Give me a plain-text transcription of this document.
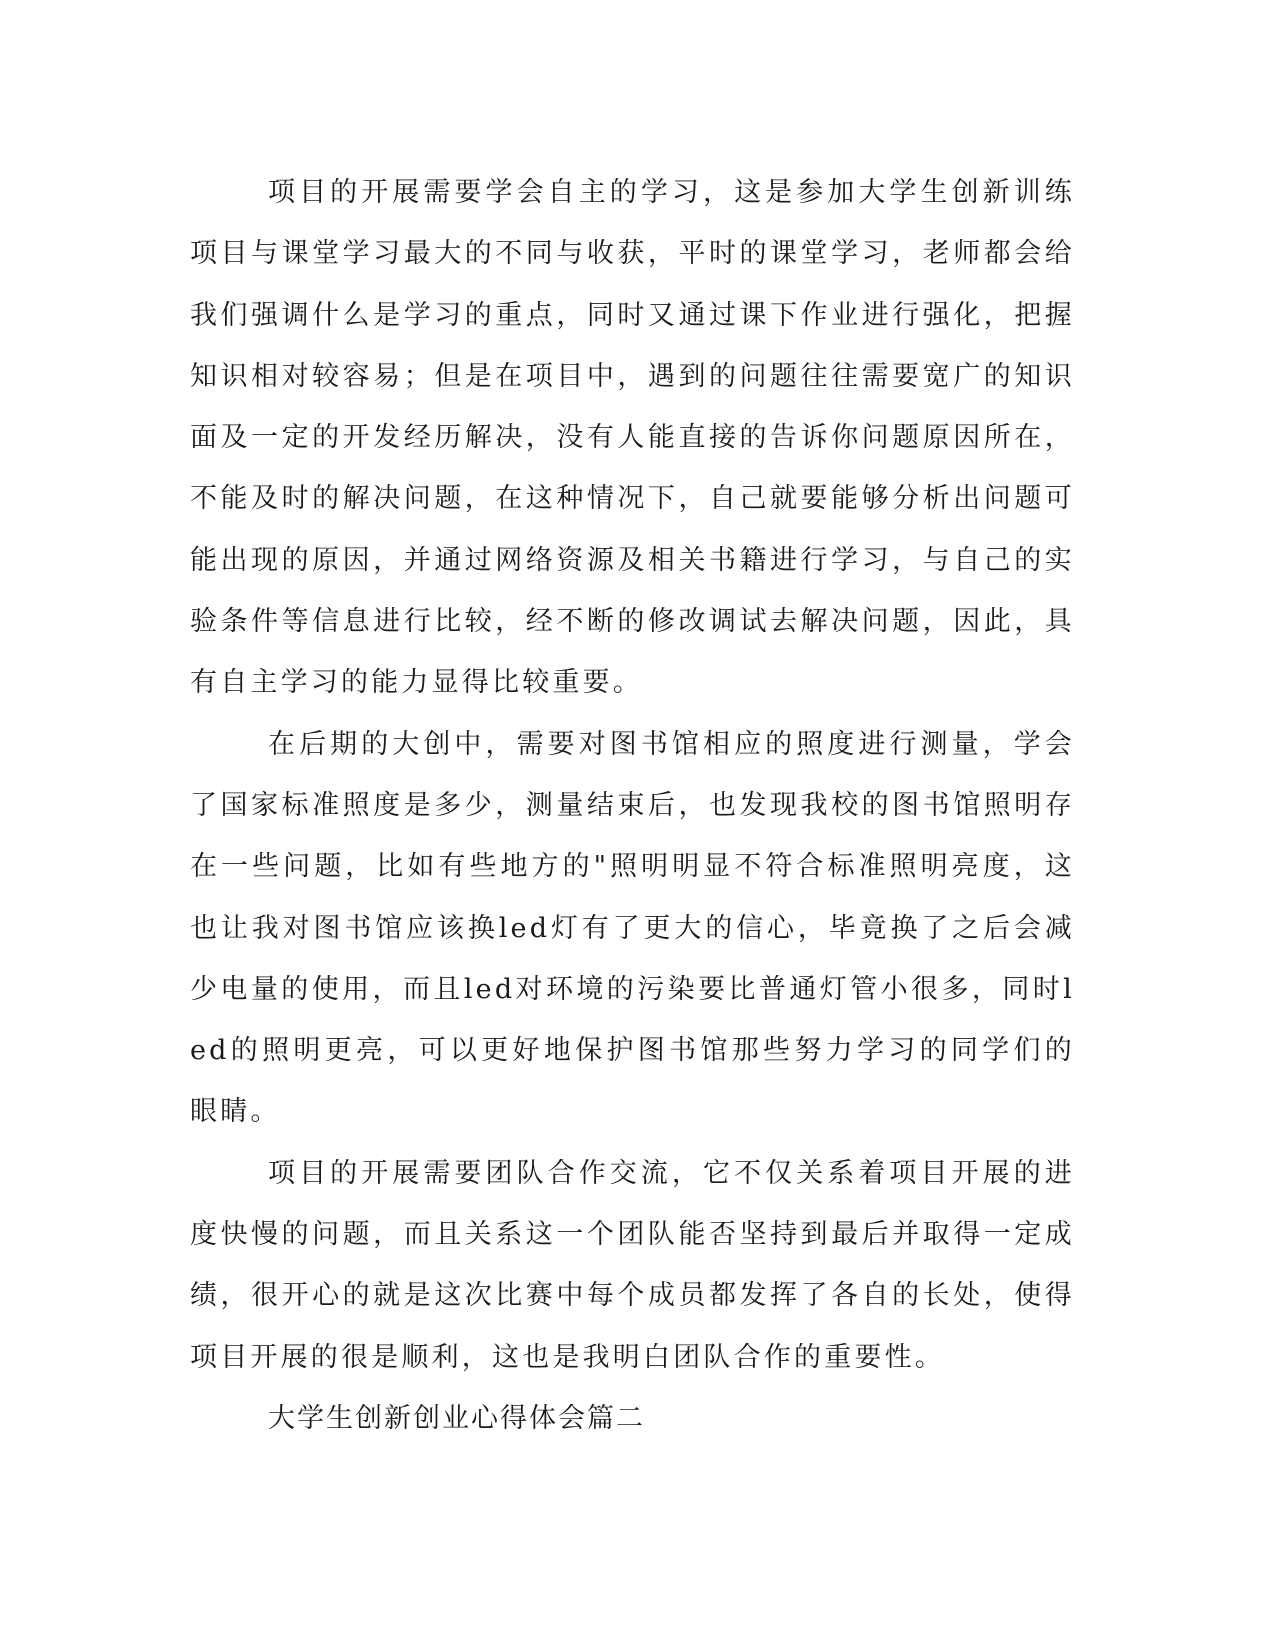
项目的开展需要学会自主的学习，这是参加大学生创新训练项目与课堂学习最大的不同与收获，平时的课堂学习，老师都会给我们强调什么是学习的重点，同时又通过课下作业进行强化，把握知识相对较容易；但是在项目中，遇到的问题往往需要宽广的知识面及一定的开发经历解决，没有人能直接的告诉你问题原因所在，不能及时的解决问题，在这种情况下，自己就要能够分析出问题可能出现的原因，并通过网络资源及相关书籍进行学习，与自己的实验条件等信息进行比较，经不断的修改调试去解决问题，因此，具有自主学习的能力显得比较重要。

在后期的大创中，需要对图书馆相应的照度进行测量，学会了国家标准照度是多少，测量结束后，也发现我校的图书馆照明存在一些问题，比如有些地方的"照明明显不符合标准照明亮度，这也让我对图书馆应该换led灯有了更大的信心，毕竟换了之后会减少电量的使用，而且led对环境的污染要比普通灯管小很多，同时led的照明更亮，可以更好地保护图书馆那些努力学习的同学们的眼睛。

项目的开展需要团队合作交流，它不仅关系着项目开展的进度快慢的问题，而且关系这一个团队能否坚持到最后并取得一定成绩，很开心的就是这次比赛中每个成员都发挥了各自的长处，使得项目开展的很是顺利，这也是我明白团队合作的重要性。

大学生创新创业心得体会篇二
